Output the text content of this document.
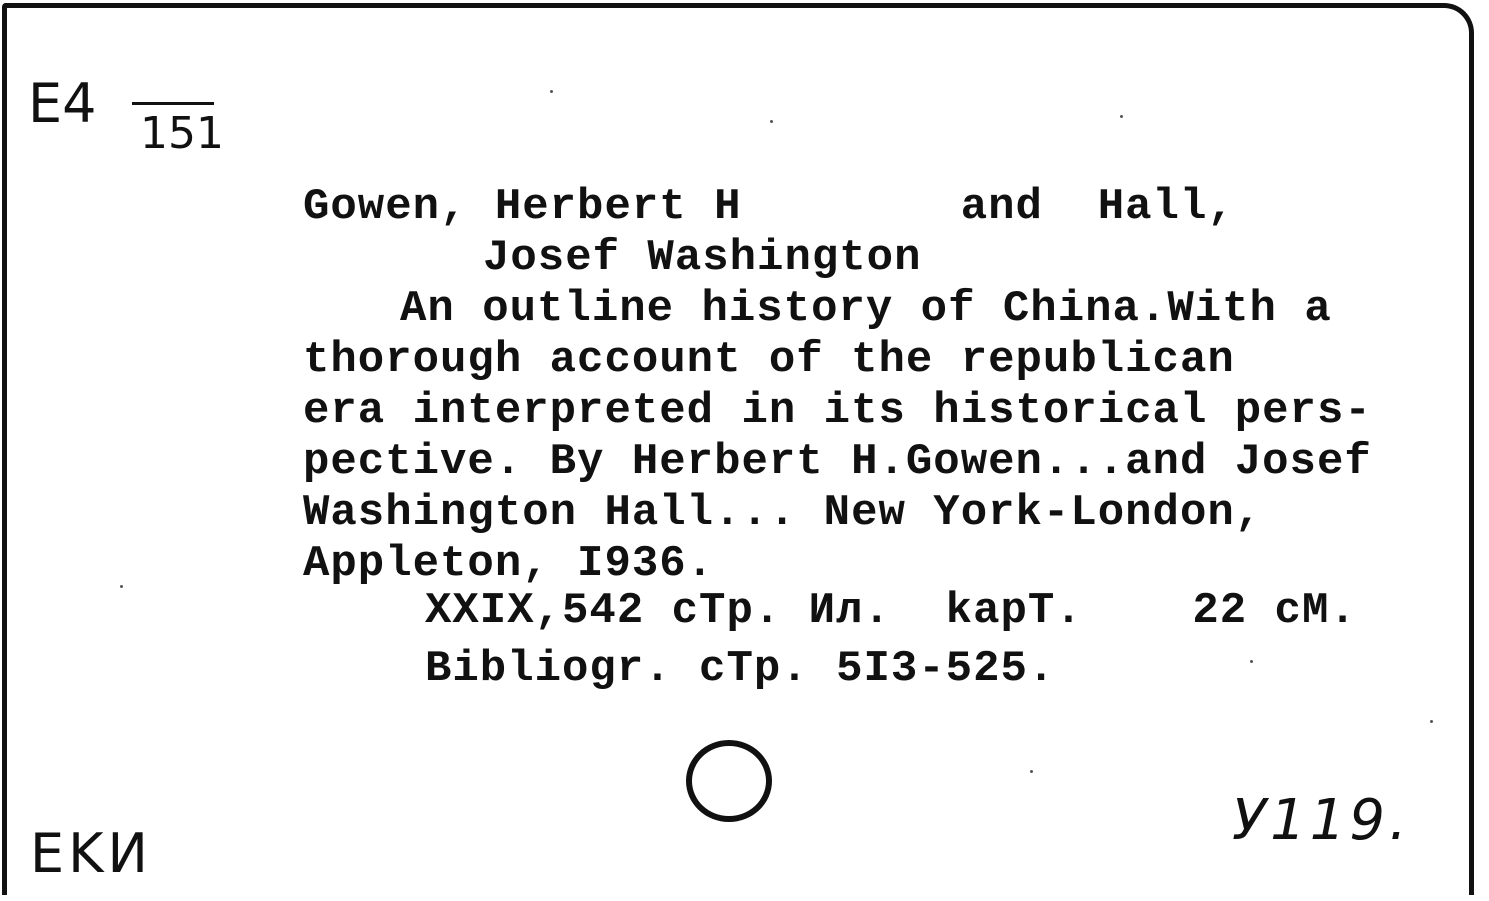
E4 151
Gowen, Herbert H        and  Hall,
Josef Washington
An outline history of China.With a
thorough account of the republican
era interpreted in its historical pers-
pective. By Herbert H.Gowen...and Josef
Washington Hall... New York-London,
Appleton, I936.
XXIX,542 cTp. Ил.  kapT.    22 cM.
Bibliogr. cTp. 5I3-525.
EKИ
У119.
